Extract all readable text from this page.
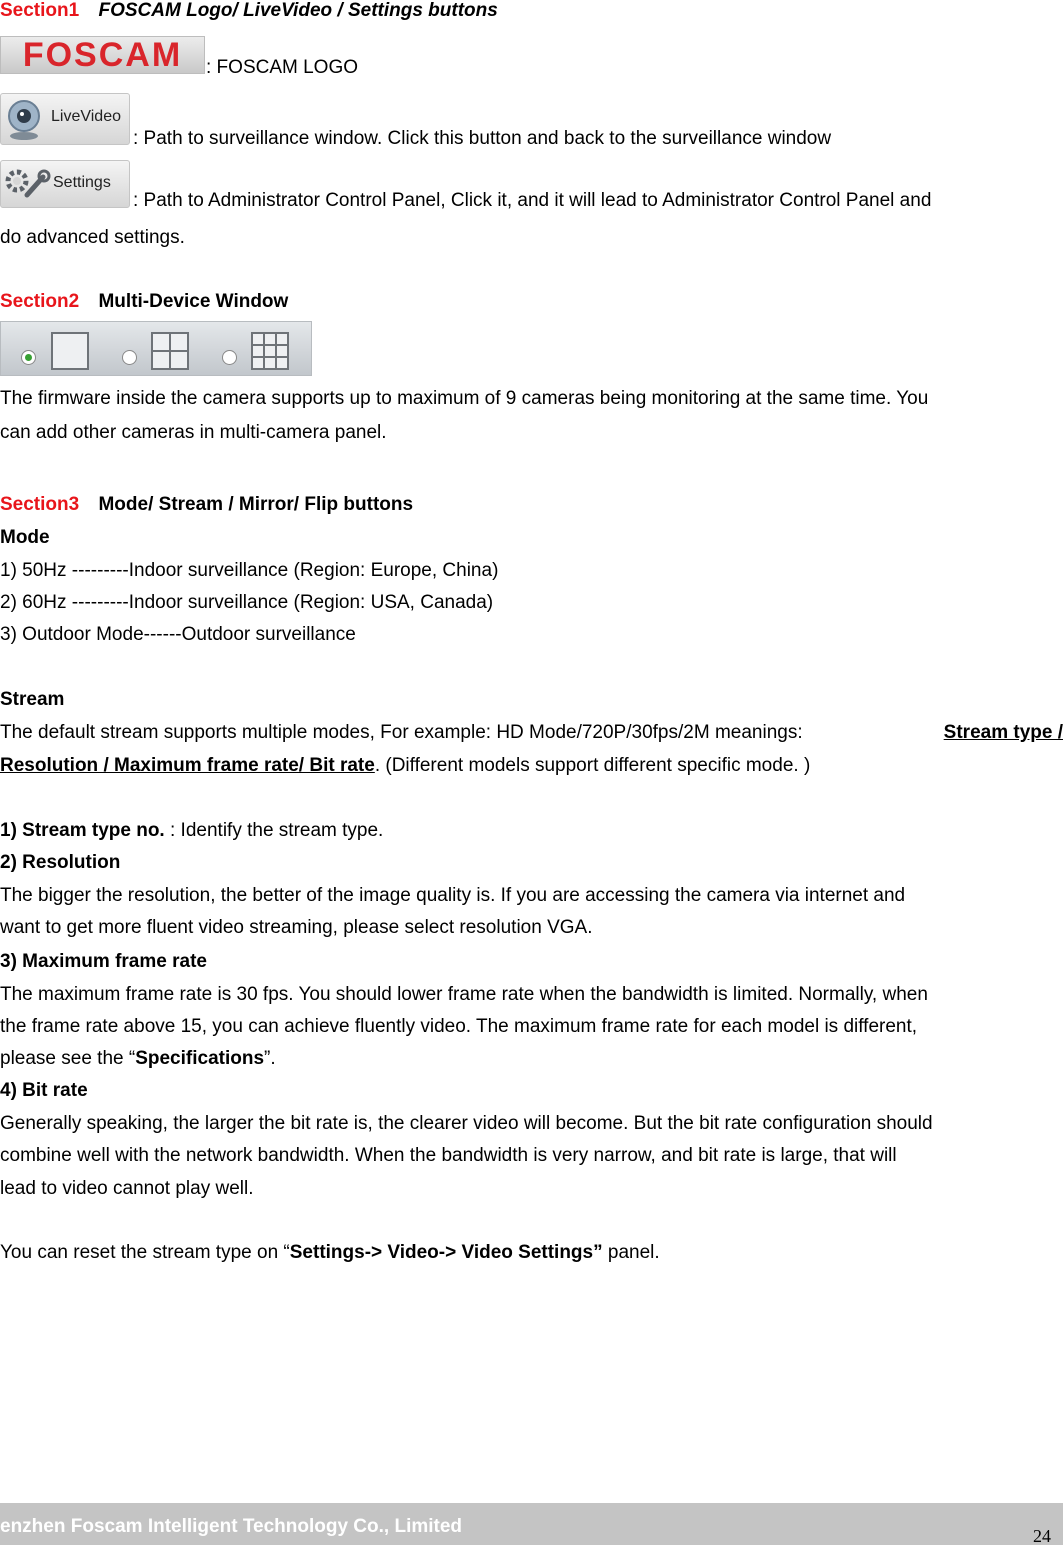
Section1 FOSCAM Logo/ LiveVideo / Settings buttons
FOSCAM	: FOSCAM LOGO
LiveVideo
: Path to surveillance window. Click this button and back to the surveillance window
Settings
: Path to Administrator Control Panel, Click it, and it will lead to Administrator Control Panel and
do advanced settings.
Section2 Multi-Device Window
The firmware inside the camera supports up to maximum of 9 cameras being monitoring at the same time. You
can add other cameras in multi-camera panel.
Section3 Mode/ Stream / Mirror/ Flip buttons
Mode
1) 50Hz ---------Indoor surveillance (Region: Europe, China)
2) 60Hz ---------Indoor surveillance (Region: USA, Canada)
3) Outdoor Mode------Outdoor surveillance
Stream
The default stream supports multiple modes, For example: HD Mode/720P/30fps/2M meanings:	Stream type /
Resolution / Maximum frame rate/ Bit rate. (Different models support different specific mode. )
1) Stream type no. : Identify the stream type.
2) Resolution
The bigger the resolution, the better of the image quality is. If you are accessing the camera via internet and
want to get more fluent video streaming, please select resolution VGA.
3) Maximum frame rate
The maximum frame rate is 30 fps. You should lower frame rate when the bandwidth is limited. Normally, when
the frame rate above 15, you can achieve fluently video. The maximum frame rate for each model is different,
please see the “Specifications”.
4) Bit rate
Generally speaking, the larger the bit rate is, the clearer video will become. But the bit rate configuration should
combine well with the network bandwidth. When the bandwidth is very narrow, and bit rate is large, that will
lead to video cannot play well.
You can reset the stream type on “Settings-> Video-> Video Settings” panel.
enzhen Foscam Intelligent Technology Co., Limited	24
